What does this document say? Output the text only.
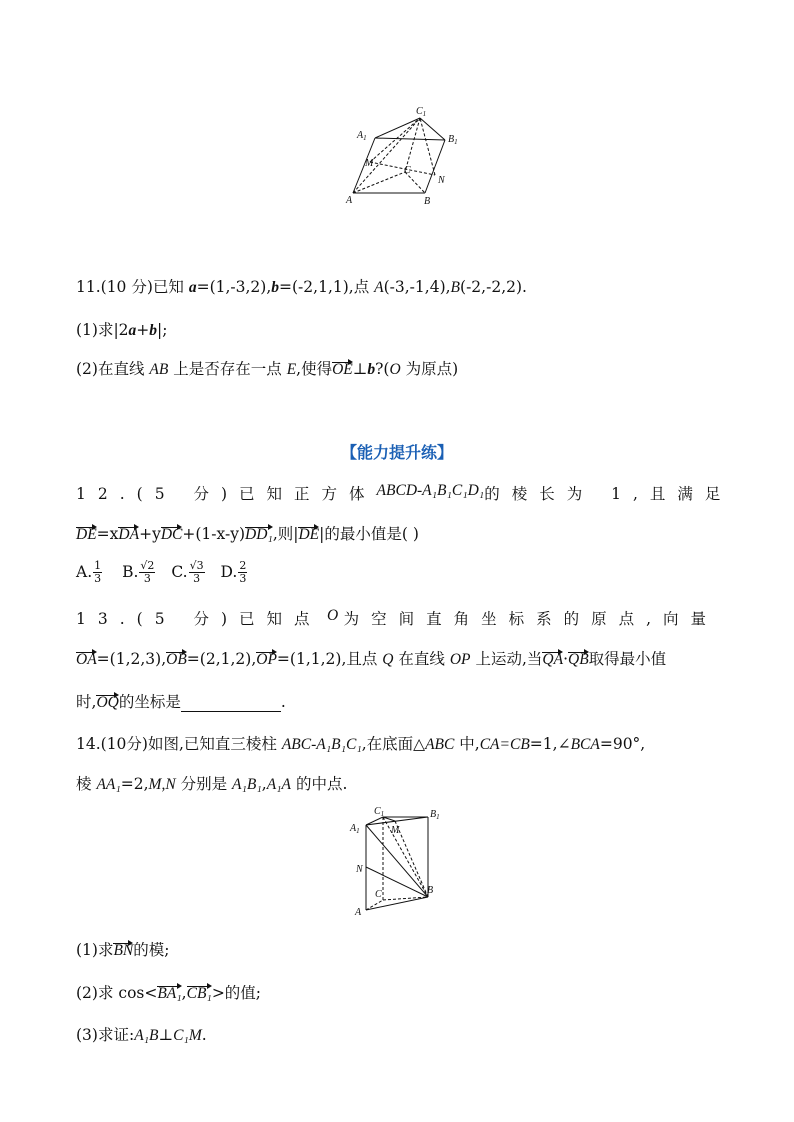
$C_1$
$A_1$	$B_1$
M
C
N
A	B
11.(10 分)已知 a=(1,-3,2),b=(-2,1,1),点 A(-3,-1,4),B(-2,-2,2).
(1)求|2a+b|;
(2)在直线 AB 上是否存在一点 E,使得OE⊥b?(O 为原点)
【能力提升练】
12.(5 分)已知正方体 ABCD-A₁B₁C₁D₁ 的棱长为 1,且满足
DE=xDA+yDC+(1-x-y)DD₁,则|DE|的最小值是( )
A. $\frac{1}{3} B$. $\frac{√2}{3} C$. $\frac{√3}{3} D$. $\frac{2}{3}$
13.(5 分)已知点 O 为空间直角坐标系的原点,向量
OA=(1,2,3),OB=(2,1,2),OP=(1,1,2),且点 Q 在直线 OP 上运动,当QA·QB取得最小值
时,OQ的坐标是	.
14.(10分)如图,已知直三棱柱 ABC-A₁B₁C₁,在底面△ABC 中,CA=CB=1,∠BCA=90°,
棱 AA₁=2,M,N 分别是 A₁B₁,A₁A 的中点.
$C_1$	$B_1$
$A_1$	M
N
C	B
A
(1)求BN的模;
(2)求 cos<BA₁,CB₁>的值;
(3)求证:A₁B⊥C₁M.
